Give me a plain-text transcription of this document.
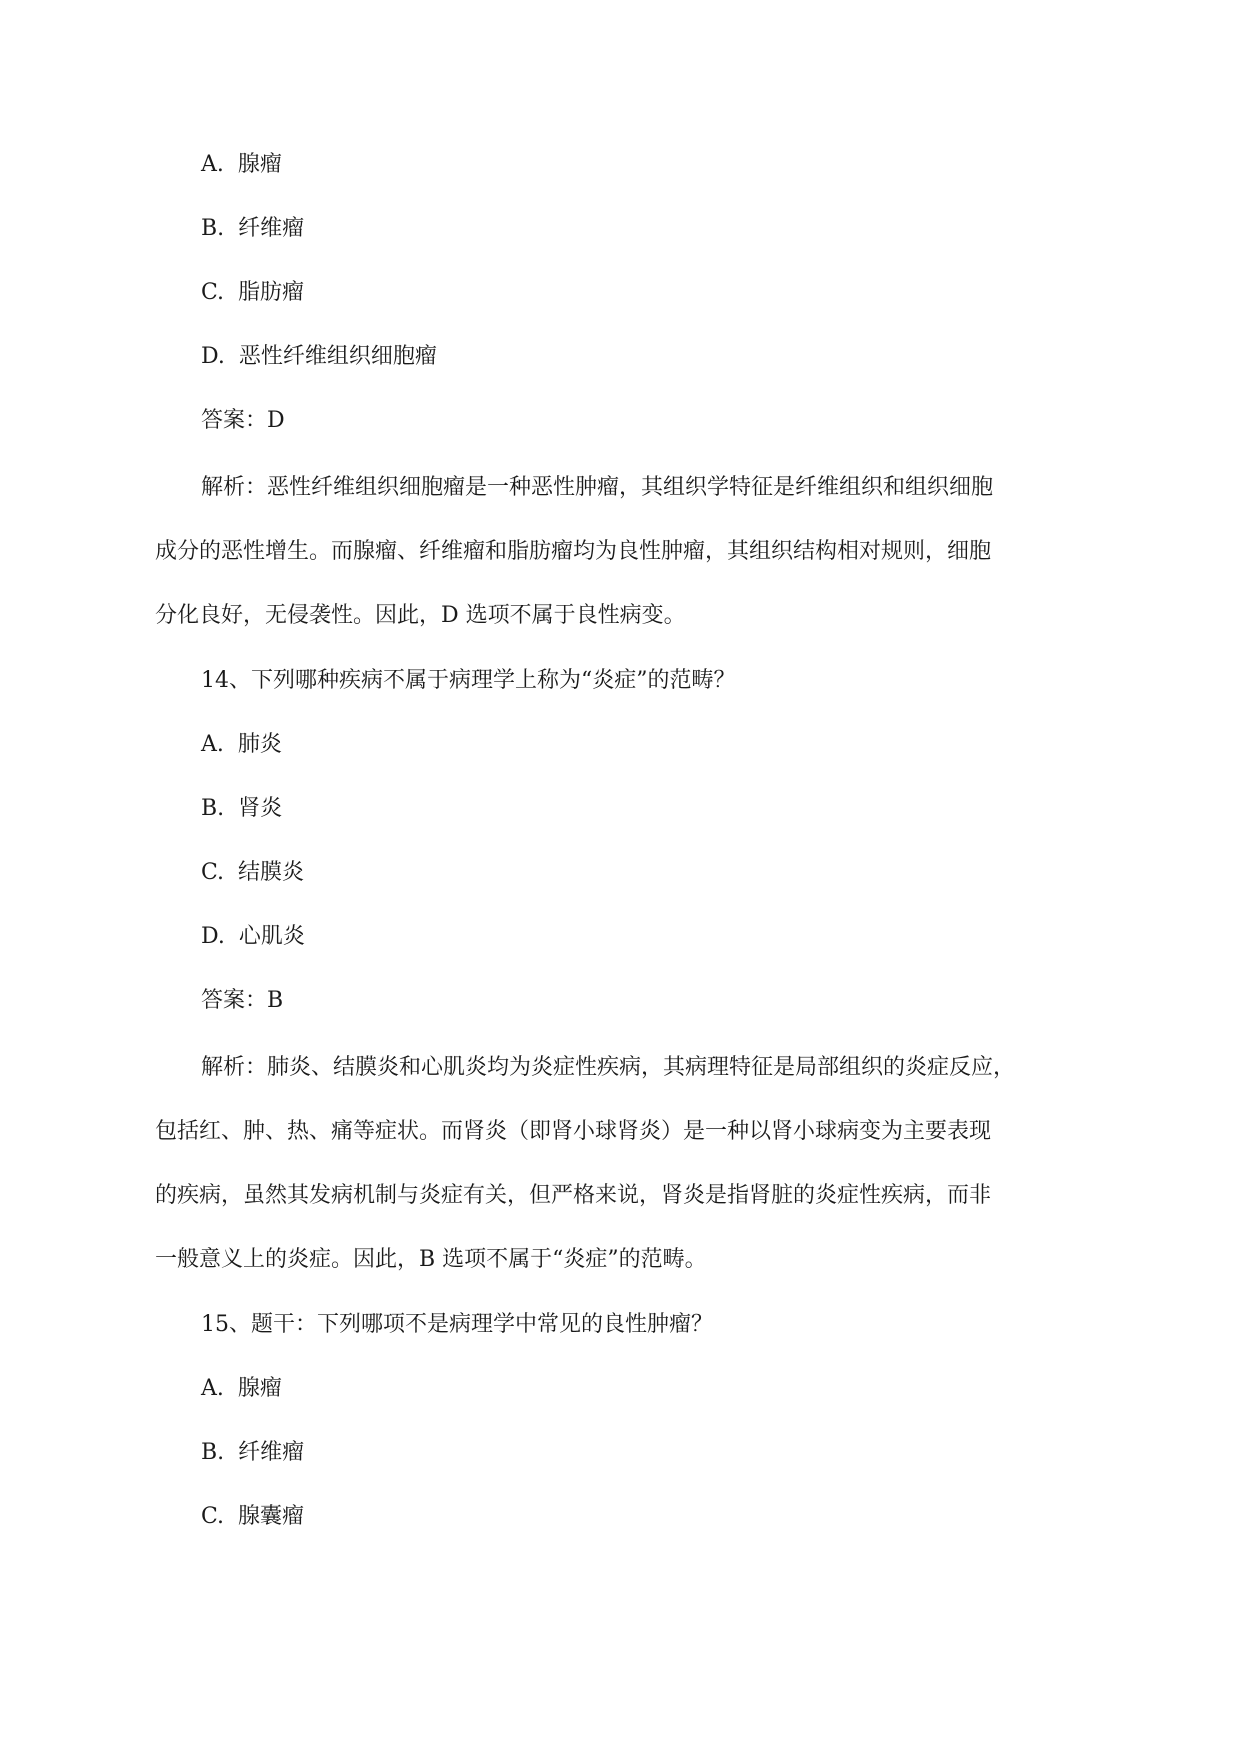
A. 腺瘤
B. 纤维瘤
C. 脂肪瘤
D. 恶性纤维组织细胞瘤
答案：D
解析：恶性纤维组织细胞瘤是一种恶性肿瘤，其组织学特征是纤维组织和组织细胞
成分的恶性增生。而腺瘤、纤维瘤和脂肪瘤均为良性肿瘤，其组织结构相对规则，细胞
分化良好，无侵袭性。因此，D 选项不属于良性病变。
14、下列哪种疾病不属于病理学上称为“炎症”的范畴？
A. 肺炎
B. 肾炎
C. 结膜炎
D. 心肌炎
答案：B
解析：肺炎、结膜炎和心肌炎均为炎症性疾病，其病理特征是局部组织的炎症反应，
包括红、肿、热、痛等症状。而肾炎（即肾小球肾炎）是一种以肾小球病变为主要表现
的疾病，虽然其发病机制与炎症有关，但严格来说，肾炎是指肾脏的炎症性疾病，而非
一般意义上的炎症。因此，B 选项不属于“炎症”的范畴。
15、题干：下列哪项不是病理学中常见的良性肿瘤？
A. 腺瘤
B. 纤维瘤
C. 腺囊瘤
